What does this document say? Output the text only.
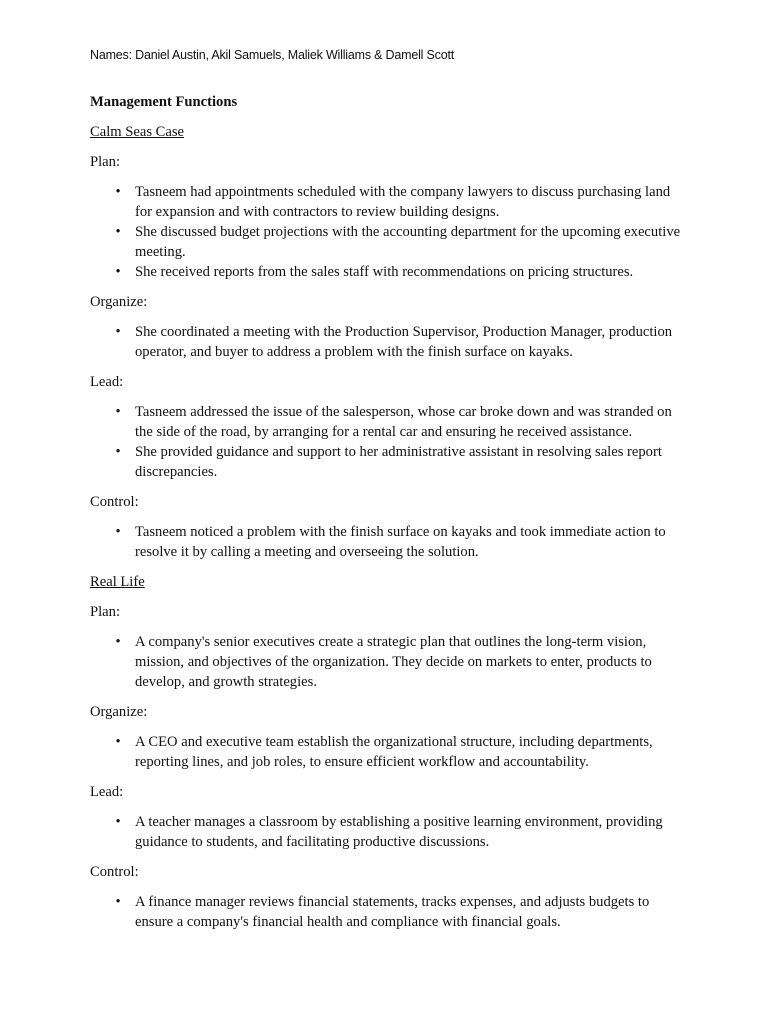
Names: Daniel Austin, Akil Samuels, Maliek Williams & Damell Scott
Management Functions
Calm Seas Case
Plan:
• Tasneem had appointments scheduled with the company lawyers to discuss purchasing land for expansion and with contractors to review building designs.
• She discussed budget projections with the accounting department for the upcoming executive meeting.
• She received reports from the sales staff with recommendations on pricing structures.
Organize:
• She coordinated a meeting with the Production Supervisor, Production Manager, production operator, and buyer to address a problem with the finish surface on kayaks.
Lead:
• Tasneem addressed the issue of the salesperson, whose car broke down and was stranded on the side of the road, by arranging for a rental car and ensuring he received assistance.
• She provided guidance and support to her administrative assistant in resolving sales report discrepancies.
Control:
• Tasneem noticed a problem with the finish surface on kayaks and took immediate action to resolve it by calling a meeting and overseeing the solution.
Real Life
Plan:
• A company's senior executives create a strategic plan that outlines the long-term vision, mission, and objectives of the organization. They decide on markets to enter, products to develop, and growth strategies.
Organize:
• A CEO and executive team establish the organizational structure, including departments, reporting lines, and job roles, to ensure efficient workflow and accountability.
Lead:
• A teacher manages a classroom by establishing a positive learning environment, providing guidance to students, and facilitating productive discussions.
Control:
• A finance manager reviews financial statements, tracks expenses, and adjusts budgets to ensure a company's financial health and compliance with financial goals.
